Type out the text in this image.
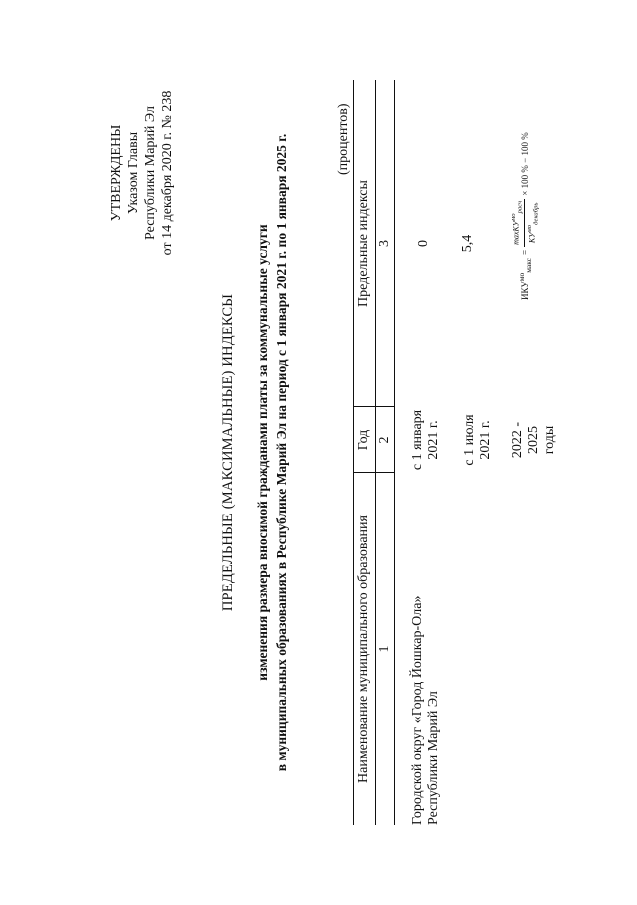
УТВЕРЖДЕНЫ Указом Главы Республики Марий Эл от 14 декабря 2020 г. № 238
ПРЕДЕЛЬНЫЕ (МАКСИМАЛЬНЫЕ) ИНДЕКСЫ изменения размера вносимой гражданами платы за коммунальные услуги в муниципальных образованиях в Республике Марий Эл на период с 1 января 2021 г. по 1 января 2025 г.	(процентов)
Наименование муниципального образования
Год
Предельные индексы
1
2
3
Городской округ «Город Йошкар-Ола» Республики Марий Эл
с 1 января 2021 г.
0
с 1 июля 2021 г.
5,4
2022 - 2025 годы
$ИКУ^{мо}_{макс}$
=
maxКУ$^{мо}_{расч}$
$КУ^{мо}_{декабрь}$
× 100 % − 100 %
